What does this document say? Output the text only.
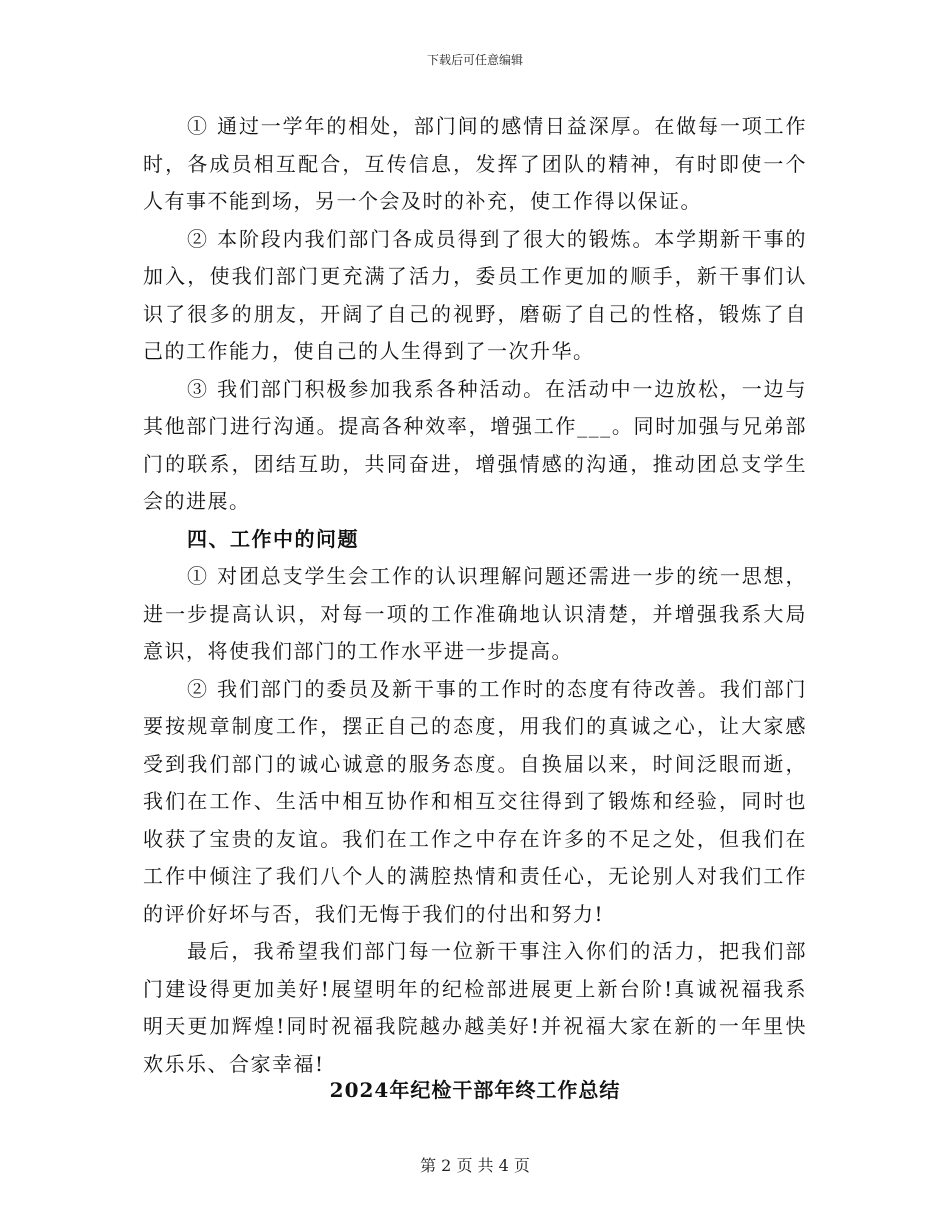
下载后可任意编辑

① 通过一学年的相处，部门间的感情日益深厚。在做每一项工作时，各成员相互配合，互传信息，发挥了团队的精神，有时即使一个人有事不能到场，另一个会及时的补充，使工作得以保证。

② 本阶段内我们部门各成员得到了很大的锻炼。本学期新干事的加入，使我们部门更充满了活力，委员工作更加的顺手，新干事们认识了很多的朋友，开阔了自己的视野，磨砺了自己的性格，锻炼了自己的工作能力，使自己的人生得到了一次升华。

③ 我们部门积极参加我系各种活动。在活动中一边放松，一边与其他部门进行沟通。提高各种效率，增强工作___。同时加强与兄弟部门的联系，团结互助，共同奋进，增强情感的沟通，推动团总支学生会的进展。

四、工作中的问题

① 对团总支学生会工作的认识理解问题还需进一步的统一思想，进一步提高认识，对每一项的工作准确地认识清楚，并增强我系大局意识，将使我们部门的工作水平进一步提高。

② 我们部门的委员及新干事的工作时的态度有待改善。我们部门要按规章制度工作，摆正自己的态度，用我们的真诚之心，让大家感受到我们部门的诚心诚意的服务态度。自换届以来，时间泛眼而逝，我们在工作、生活中相互协作和相互交往得到了锻炼和经验，同时也收获了宝贵的友谊。我们在工作之中存在许多的不足之处，但我们在工作中倾注了我们八个人的满腔热情和责任心，无论别人对我们工作的评价好坏与否，我们无悔于我们的付出和努力!

最后，我希望我们部门每一位新干事注入你们的活力，把我们部门建设得更加美好!展望明年的纪检部进展更上新台阶!真诚祝福我系明天更加辉煌!同时祝福我院越办越美好!并祝福大家在新的一年里快欢乐乐、合家幸福!

2024年纪检干部年终工作总结
第 2 页 共 4 页
